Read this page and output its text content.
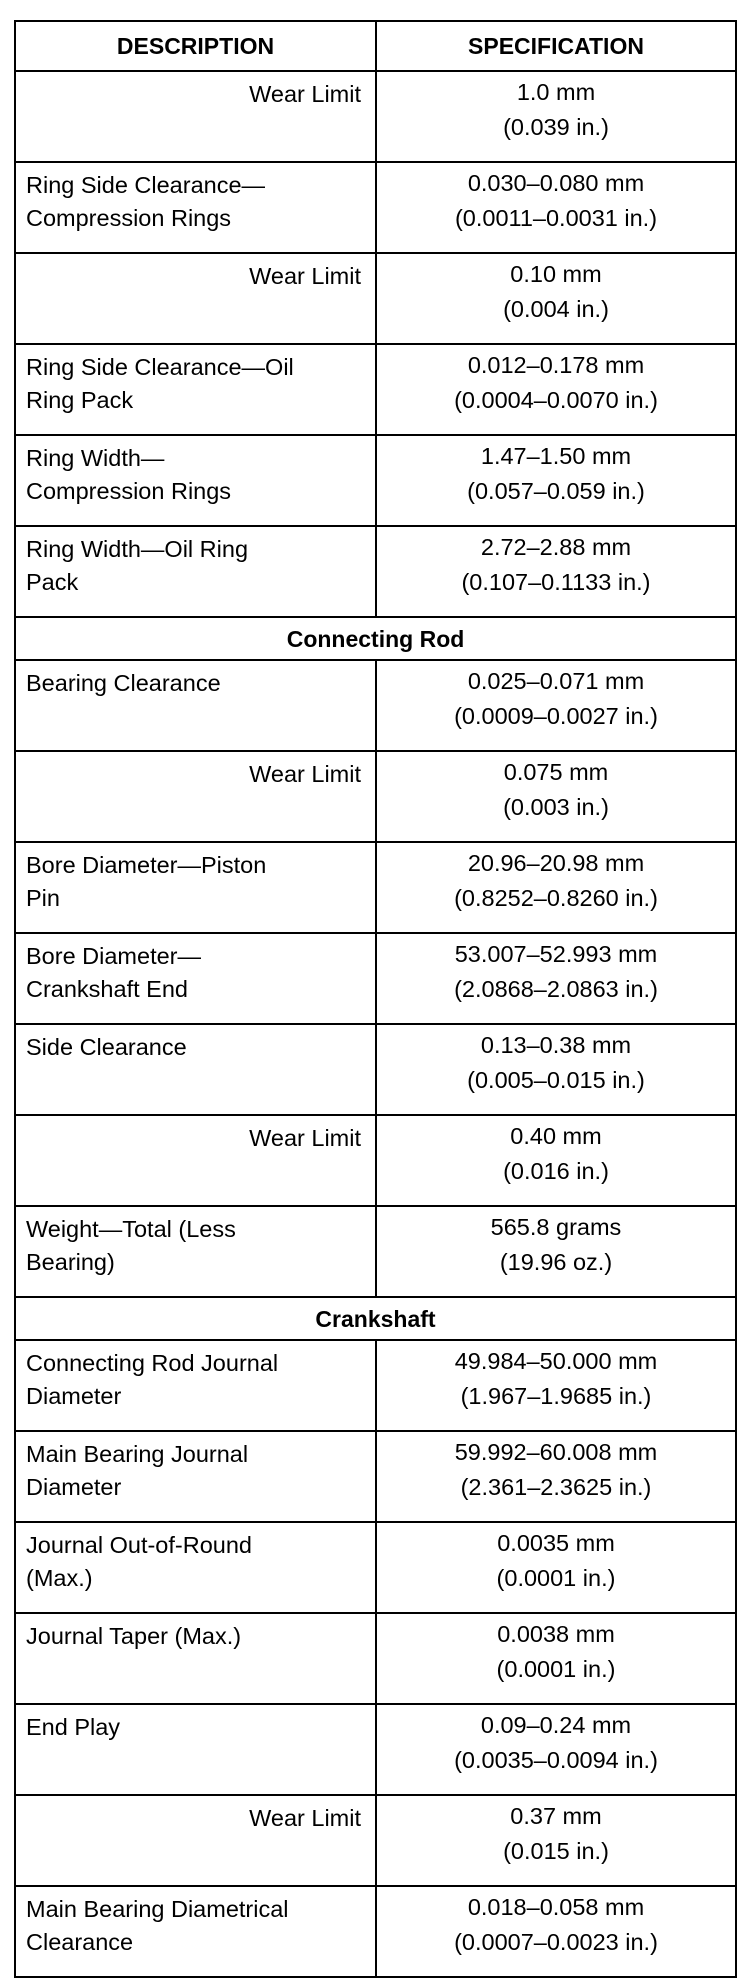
DESCRIPTION	SPECIFICATION

Wear Limit	1.0 mm
(0.039 in.)

Ring Side Clearance—
Compression Rings	0.030–0.080 mm
(0.0011–0.0031 in.)

Wear Limit	0.10 mm
(0.004 in.)

Ring Side Clearance—Oil
Ring Pack	0.012–0.178 mm
(0.0004–0.0070 in.)

Ring Width—
Compression Rings	1.47–1.50 mm
(0.057–0.059 in.)

Ring Width—Oil Ring
Pack	2.72–2.88 mm
(0.107–0.1133 in.)

Connecting Rod	

Bearing Clearance	0.025–0.071 mm
(0.0009–0.0027 in.)

Wear Limit	0.075 mm
(0.003 in.)

Bore Diameter—Piston
Pin	20.96–20.98 mm
(0.8252–0.8260 in.)

Bore Diameter—
Crankshaft End	53.007–52.993 mm
(2.0868–2.0863 in.)

Side Clearance	0.13–0.38 mm
(0.005–0.015 in.)

Wear Limit	0.40 mm
(0.016 in.)

Weight—Total (Less
Bearing)	565.8 grams
(19.96 oz.)

Crankshaft	

Connecting Rod Journal
Diameter	49.984–50.000 mm
(1.967–1.9685 in.)

Main Bearing Journal
Diameter	59.992–60.008 mm
(2.361–2.3625 in.)

Journal Out-of-Round
(Max.)	0.0035 mm
(0.0001 in.)

Journal Taper (Max.)	0.0038 mm
(0.0001 in.)

End Play	0.09–0.24 mm
(0.0035–0.0094 in.)

Wear Limit	0.37 mm
(0.015 in.)

Main Bearing Diametrical
Clearance	0.018–0.058 mm
(0.0007–0.0023 in.)
